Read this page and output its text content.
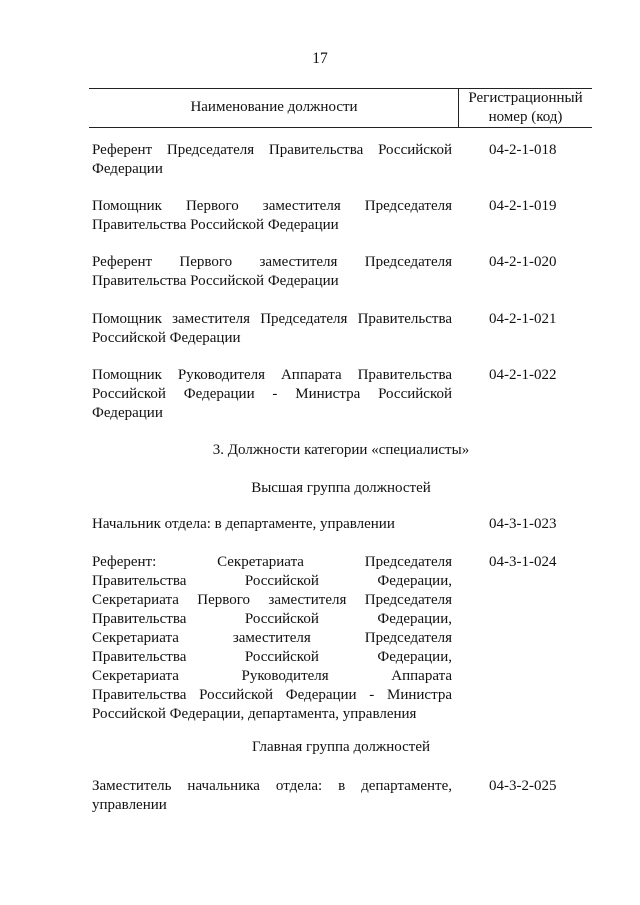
17
Наименование должности
Регистрационный
номер (код)
Референт Председателя Правительства Российской Федерации
04-2-1-018
Помощник Первого заместителя Председателя Правительства Российской Федерации
04-2-1-019
Референт Первого заместителя Председателя Правительства Российской Федерации
04-2-1-020
Помощник заместителя Председателя Правительства Российской Федерации
04-2-1-021
Помощник Руководителя Аппарата Правительства Российской Федерации - Министра Российской Федерации
04-2-1-022
3. Должности категории «специалисты»
Высшая группа должностей
Начальник отдела: в департаменте, управлении	04-3-1-023
Референт: Секретариата Председателя
Правительства Российской Федерации,
Секретариата Первого заместителя Председателя
Правительства Российской Федерации,
Секретариата заместителя Председателя
Правительства Российской Федерации,
Секретариата Руководителя Аппарата
Правительства Российской Федерации - Министра
Российской Федерации, департамента, управления
04-3-1-024
Главная группа должностей
Заместитель начальника отдела: в департаменте, управлении
04-3-2-025
